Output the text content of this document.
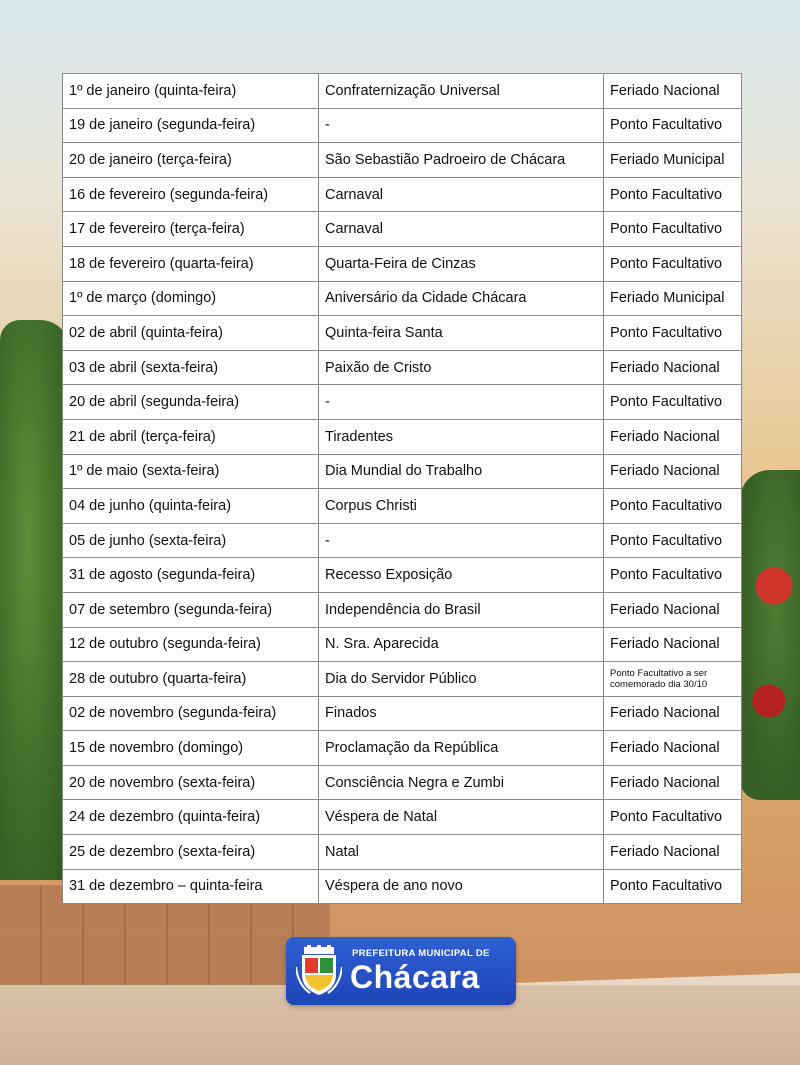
1º de janeiro (quinta-feira)	Confraternização Universal	Feriado Nacional
19 de janeiro (segunda-feira)	-	Ponto Facultativo
20 de janeiro (terça-feira)	São Sebastião Padroeiro de Chácara	Feriado Municipal
16 de fevereiro (segunda-feira)	Carnaval	Ponto Facultativo
17 de fevereiro (terça-feira)	Carnaval	Ponto Facultativo
18 de fevereiro (quarta-feira)	Quarta-Feira de Cinzas	Ponto Facultativo
1º de março (domingo)	Aniversário da Cidade Chácara	Feriado Municipal
02 de abril (quinta-feira)	Quinta-feira Santa	Ponto Facultativo
03 de abril (sexta-feira)	Paixão de Cristo	Feriado Nacional
20 de abril (segunda-feira)	-	Ponto Facultativo
21 de abril (terça-feira)	Tiradentes	Feriado Nacional
1º de maio (sexta-feira)	Dia Mundial do Trabalho	Feriado Nacional
04 de junho (quinta-feira)	Corpus Christi	Ponto Facultativo
05 de junho (sexta-feira)	-	Ponto Facultativo
31 de agosto (segunda-feira)	Recesso Exposição	Ponto Facultativo
07 de setembro (segunda-feira)	Independência do Brasil	Feriado Nacional
12 de outubro (segunda-feira)	N. Sra. Aparecida	Feriado Nacional
28 de outubro (quarta-feira)	Dia do Servidor Público	Ponto Facultativo a ser comemorado dia 30/10
02 de novembro (segunda-feira)	Finados	Feriado Nacional
15 de novembro (domingo)	Proclamação da República	Feriado Nacional
20 de novembro (sexta-feira)	Consciência Negra e Zumbi	Feriado Nacional
24 de dezembro (quinta-feira)	Véspera de Natal	Ponto Facultativo
25 de dezembro (sexta-feira)	Natal	Feriado Nacional
31 de dezembro – quinta-feira	Véspera de ano novo	Ponto Facultativo
PREFEITURA MUNICIPAL DE
Chácara
